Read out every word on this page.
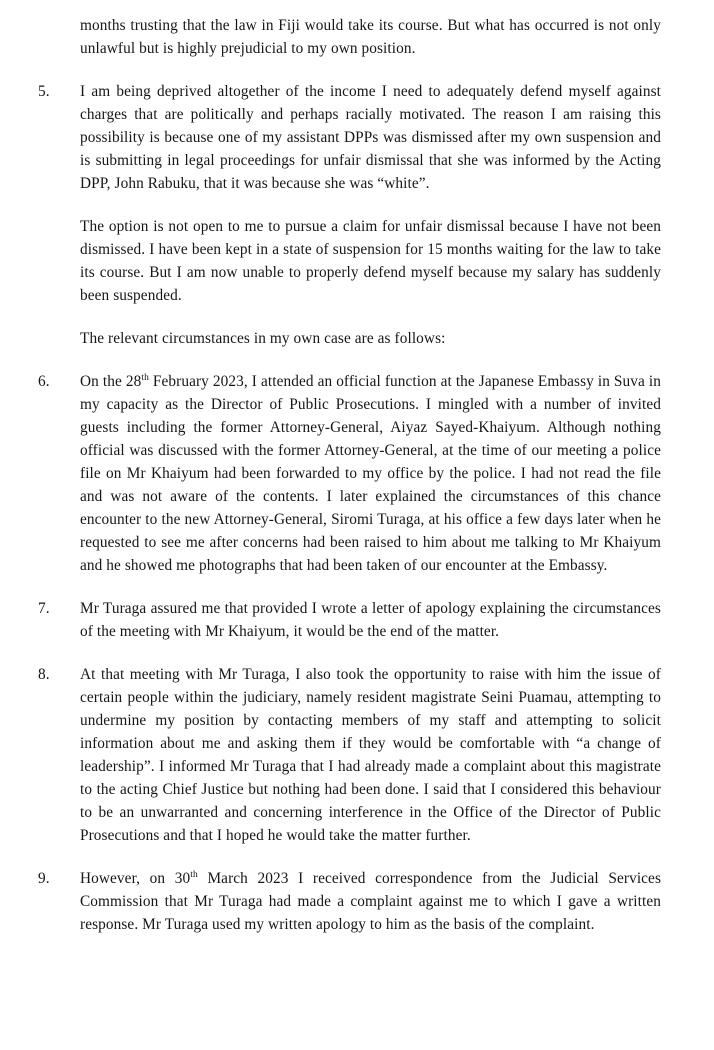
months trusting that the law in Fiji would take its course. But what has occurred is not only unlawful but is highly prejudicial to my own position.
5. I am being deprived altogether of the income I need to adequately defend myself against charges that are politically and perhaps racially motivated. The reason I am raising this possibility is because one of my assistant DPPs was dismissed after my own suspension and is submitting in legal proceedings for unfair dismissal that she was informed by the Acting DPP, John Rabuku, that it was because she was “white”.
The option is not open to me to pursue a claim for unfair dismissal because I have not been dismissed. I have been kept in a state of suspension for 15 months waiting for the law to take its course. But I am now unable to properly defend myself because my salary has suddenly been suspended.
The relevant circumstances in my own case are as follows:
6. On the 28th February 2023, I attended an official function at the Japanese Embassy in Suva in my capacity as the Director of Public Prosecutions. I mingled with a number of invited guests including the former Attorney-General, Aiyaz Sayed-Khaiyum. Although nothing official was discussed with the former Attorney-General, at the time of our meeting a police file on Mr Khaiyum had been forwarded to my office by the police. I had not read the file and was not aware of the contents. I later explained the circumstances of this chance encounter to the new Attorney-General, Siromi Turaga, at his office a few days later when he requested to see me after concerns had been raised to him about me talking to Mr Khaiyum and he showed me photographs that had been taken of our encounter at the Embassy.
7. Mr Turaga assured me that provided I wrote a letter of apology explaining the circumstances of the meeting with Mr Khaiyum, it would be the end of the matter.
8. At that meeting with Mr Turaga, I also took the opportunity to raise with him the issue of certain people within the judiciary, namely resident magistrate Seini Puamau, attempting to undermine my position by contacting members of my staff and attempting to solicit information about me and asking them if they would be comfortable with “a change of leadership”. I informed Mr Turaga that I had already made a complaint about this magistrate to the acting Chief Justice but nothing had been done. I said that I considered this behaviour to be an unwarranted and concerning interference in the Office of the Director of Public Prosecutions and that I hoped he would take the matter further.
9. However, on 30th March 2023 I received correspondence from the Judicial Services Commission that Mr Turaga had made a complaint against me to which I gave a written response. Mr Turaga used my written apology to him as the basis of the complaint.
